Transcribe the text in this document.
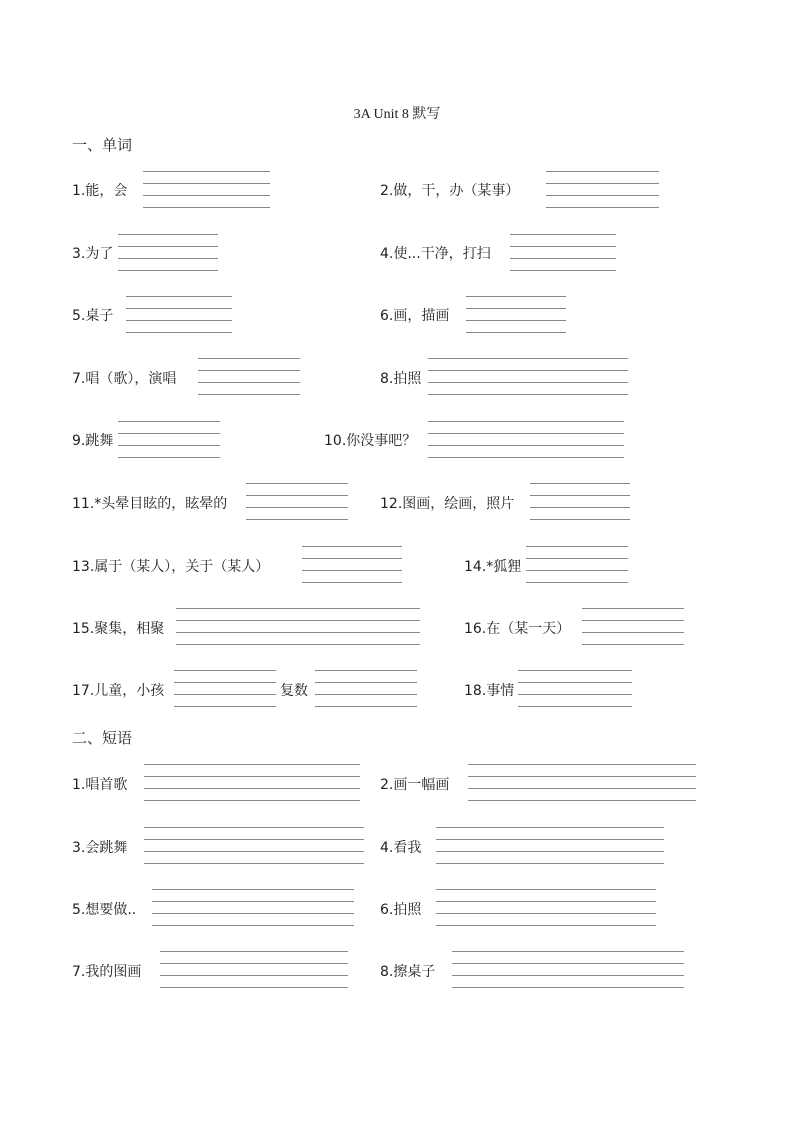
3A Unit 8 默写
一、单词
1.能，会	2.做，干，办（某事）
3.为了	4.使...干净，打扫
5.桌子	6.画，描画
7.唱（歌），演唱	8.拍照
9.跳舞	10.你没事吧？
11.*头晕目眩的，眩晕的	12.图画，绘画，照片
13.属于（某人），关于（某人）	14.*狐狸
15.聚集，相聚	16.在（某一天）
17.儿童，小孩	复数	18.事情
二、短语
1.唱首歌	2.画一幅画
3.会跳舞	4.看我
5.想要做..	6.拍照
7.我的图画	8.擦桌子
